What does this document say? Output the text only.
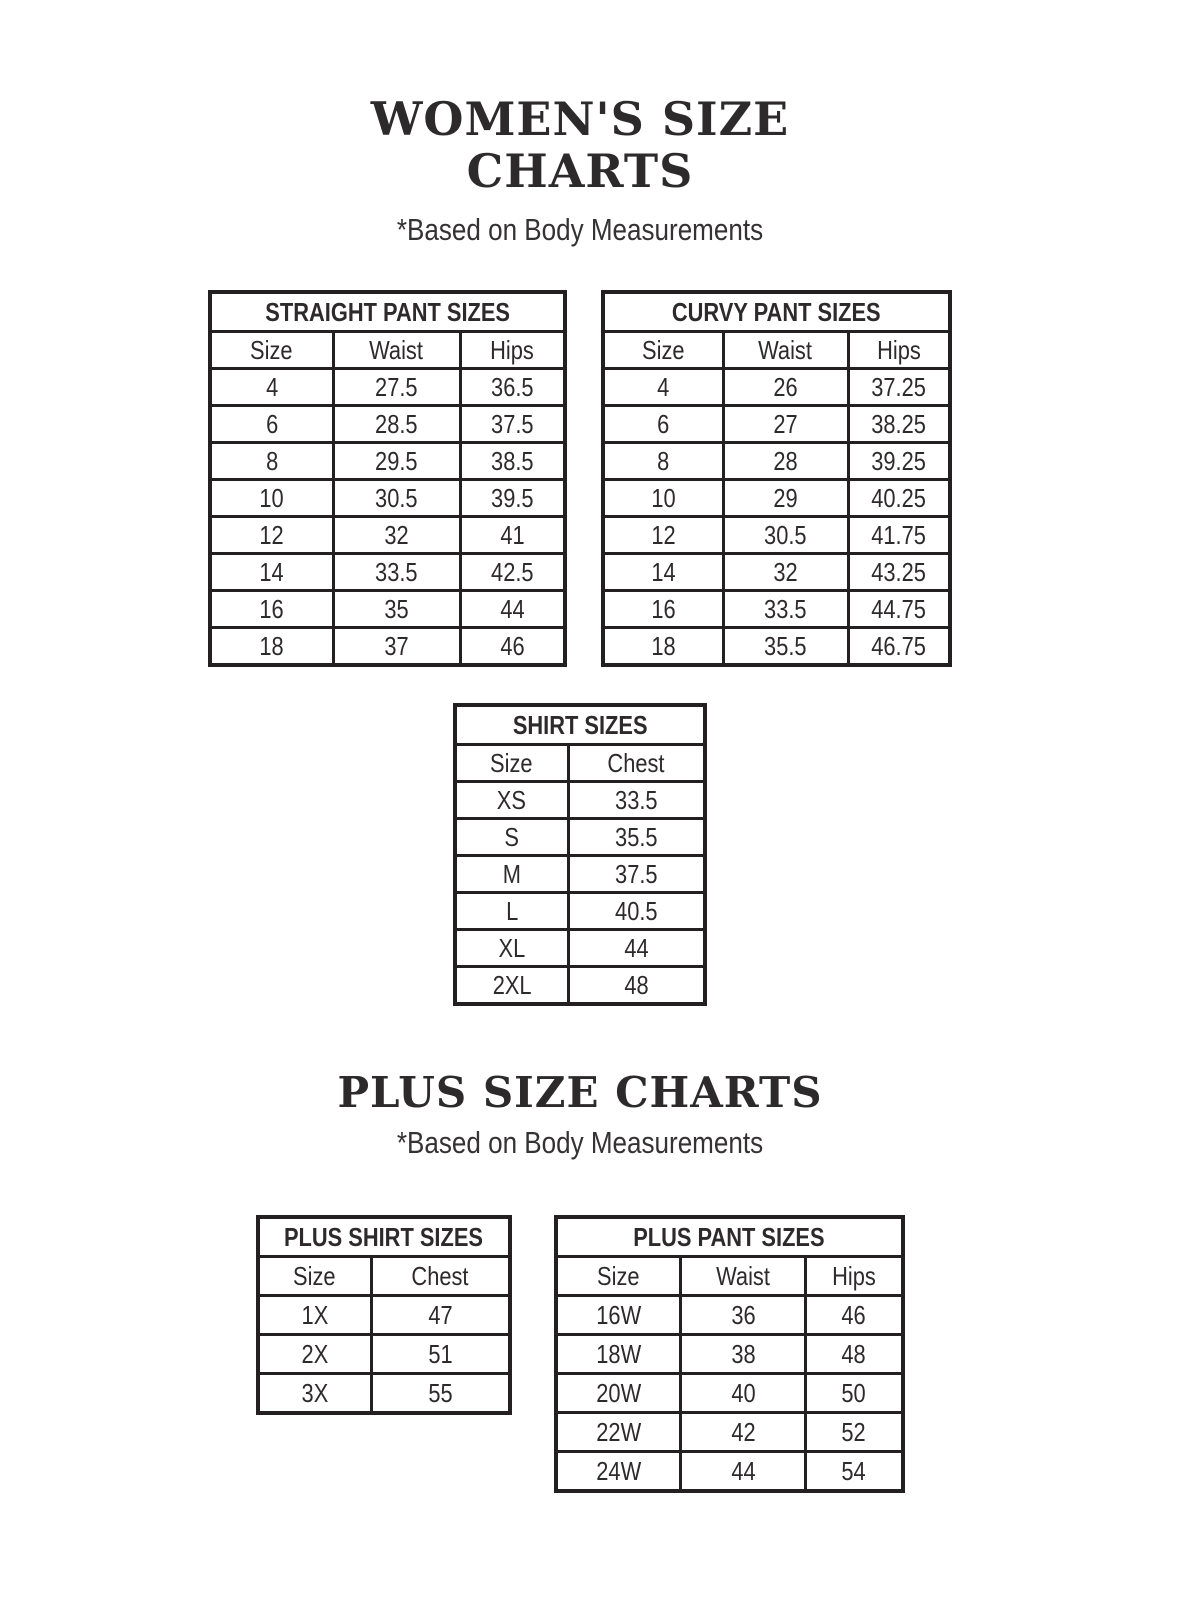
WOMEN'S SIZE
CHARTS
*Based on Body Measurements
STRAIGHT PANT SIZES		
Size	Waist	Hips
4	27.5	36.5
6	28.5	37.5
8	29.5	38.5
10	30.5	39.5
12	32	41
14	33.5	42.5
16	35	44
18	37	46
CURVY PANT SIZES		
Size	Waist	Hips
4	26	37.25
6	27	38.25
8	28	39.25
10	29	40.25
12	30.5	41.75
14	32	43.25
16	33.5	44.75
18	35.5	46.75
SHIRT SIZES	
Size	Chest
XS	33.5
S	35.5
M	37.5
L	40.5
XL	44
2XL	48
PLUS SIZE CHARTS
*Based on Body Measurements
PLUS SHIRT SIZES	
Size	Chest
1X	47
2X	51
3X	55
PLUS PANT SIZES		
Size	Waist	Hips
16W	36	46
18W	38	48
20W	40	50
22W	42	52
24W	44	54
